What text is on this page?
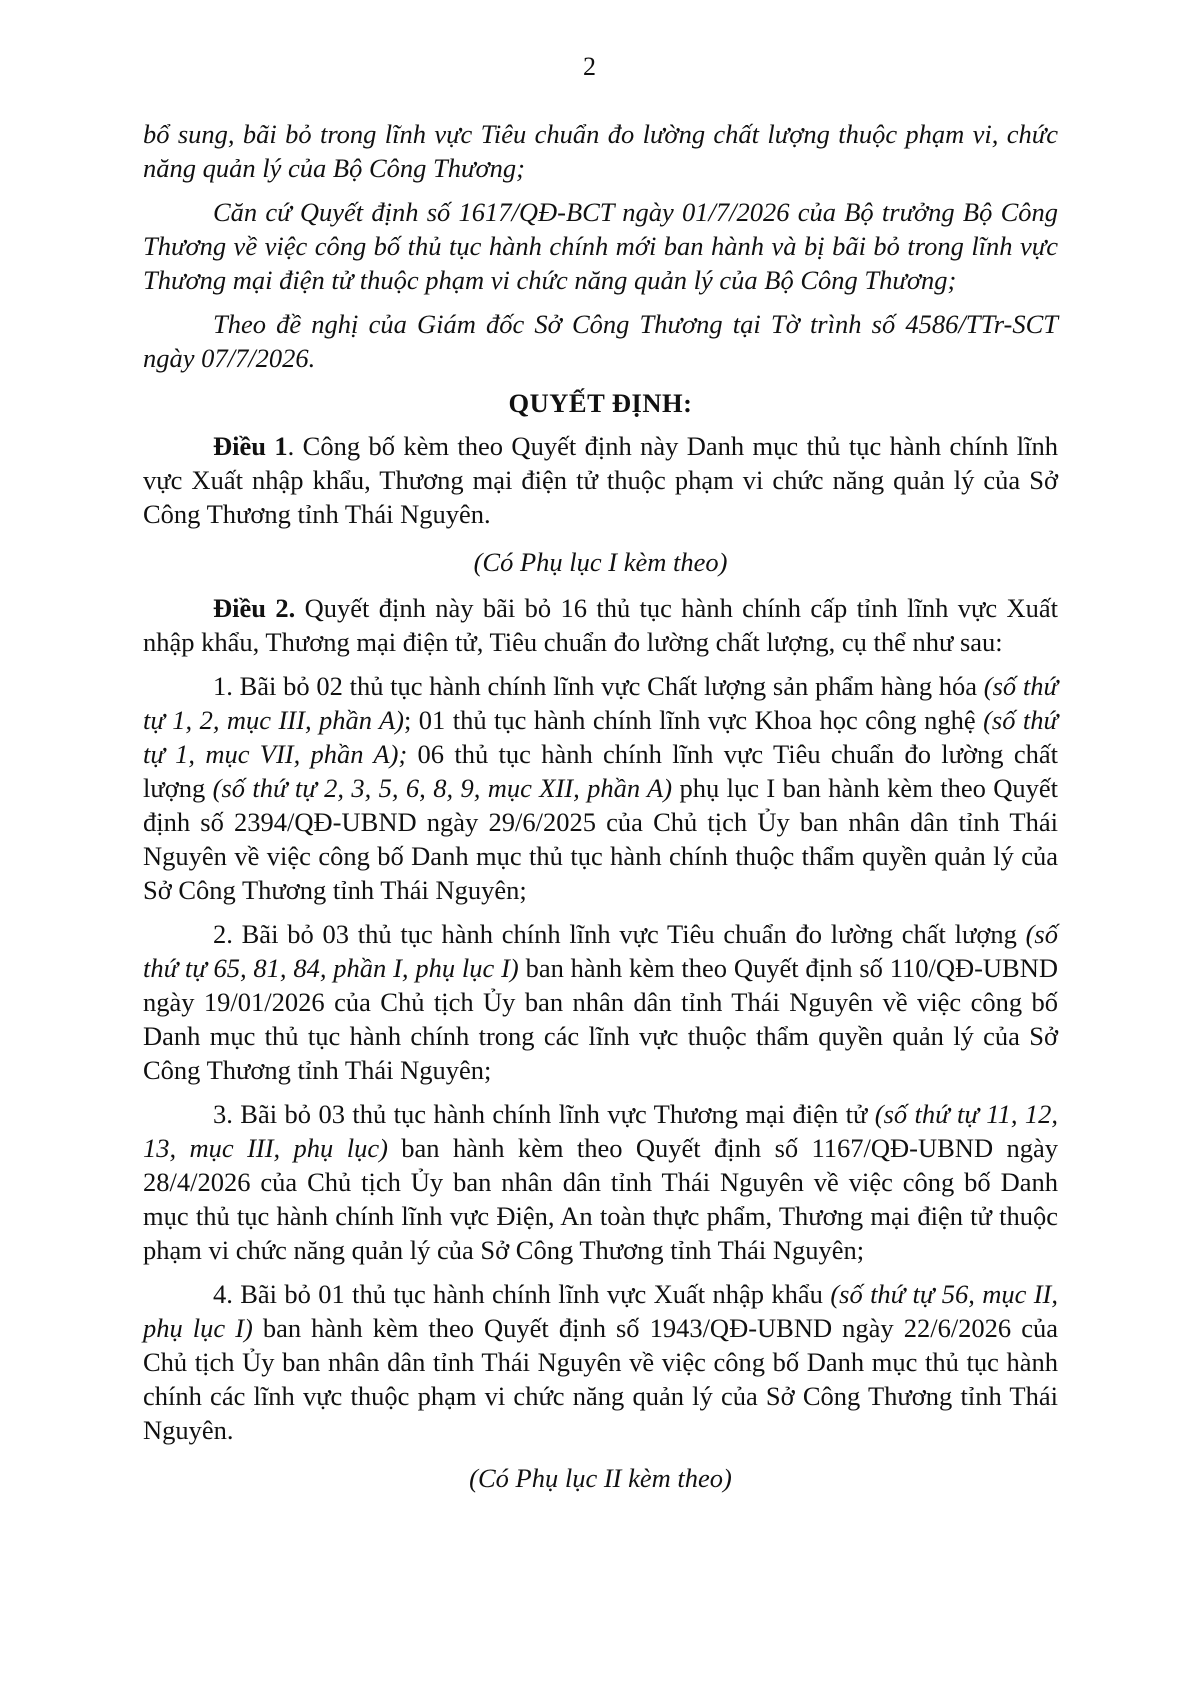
2

bổ sung, bãi bỏ trong lĩnh vực Tiêu chuẩn đo lường chất lượng thuộc phạm vi, chức năng quản lý của Bộ Công Thương;

Căn cứ Quyết định số 1617/QĐ-BCT ngày 01/7/2026 của Bộ trưởng Bộ Công Thương về việc công bố thủ tục hành chính mới ban hành và bị bãi bỏ trong lĩnh vực Thương mại điện tử thuộc phạm vi chức năng quản lý của Bộ Công Thương;

Theo đề nghị của Giám đốc Sở Công Thương tại Tờ trình số 4586/TTr-SCT ngày 07/7/2026.

QUYẾT ĐỊNH:

Điều 1. Công bố kèm theo Quyết định này Danh mục thủ tục hành chính lĩnh vực Xuất nhập khẩu, Thương mại điện tử thuộc phạm vi chức năng quản lý của Sở Công Thương tỉnh Thái Nguyên.

(Có Phụ lục I kèm theo)

Điều 2. Quyết định này bãi bỏ 16 thủ tục hành chính cấp tỉnh lĩnh vực Xuất nhập khẩu, Thương mại điện tử, Tiêu chuẩn đo lường chất lượng, cụ thể như sau:

1. Bãi bỏ 02 thủ tục hành chính lĩnh vực Chất lượng sản phẩm hàng hóa (số thứ tự 1, 2, mục III, phần A); 01 thủ tục hành chính lĩnh vực Khoa học công nghệ (số thứ tự 1, mục VII, phần A); 06 thủ tục hành chính lĩnh vực Tiêu chuẩn đo lường chất lượng (số thứ tự 2, 3, 5, 6, 8, 9, mục XII, phần A) phụ lục I ban hành kèm theo Quyết định số 2394/QĐ-UBND ngày 29/6/2025 của Chủ tịch Ủy ban nhân dân tỉnh Thái Nguyên về việc công bố Danh mục thủ tục hành chính thuộc thẩm quyền quản lý của Sở Công Thương tỉnh Thái Nguyên;

2. Bãi bỏ 03 thủ tục hành chính lĩnh vực Tiêu chuẩn đo lường chất lượng (số thứ tự 65, 81, 84, phần I, phụ lục I) ban hành kèm theo Quyết định số 110/QĐ-UBND ngày 19/01/2026 của Chủ tịch Ủy ban nhân dân tỉnh Thái Nguyên về việc công bố Danh mục thủ tục hành chính trong các lĩnh vực thuộc thẩm quyền quản lý của Sở Công Thương tỉnh Thái Nguyên;

3. Bãi bỏ 03 thủ tục hành chính lĩnh vực Thương mại điện tử (số thứ tự 11, 12, 13, mục III, phụ lục) ban hành kèm theo Quyết định số 1167/QĐ-UBND ngày 28/4/2026 của Chủ tịch Ủy ban nhân dân tỉnh Thái Nguyên về việc công bố Danh mục thủ tục hành chính lĩnh vực Điện, An toàn thực phẩm, Thương mại điện tử thuộc phạm vi chức năng quản lý của Sở Công Thương tỉnh Thái Nguyên;

4. Bãi bỏ 01 thủ tục hành chính lĩnh vực Xuất nhập khẩu (số thứ tự 56, mục II, phụ lục I) ban hành kèm theo Quyết định số 1943/QĐ-UBND ngày 22/6/2026 của Chủ tịch Ủy ban nhân dân tỉnh Thái Nguyên về việc công bố Danh mục thủ tục hành chính các lĩnh vực thuộc phạm vi chức năng quản lý của Sở Công Thương tỉnh Thái Nguyên.

(Có Phụ lục II kèm theo)
